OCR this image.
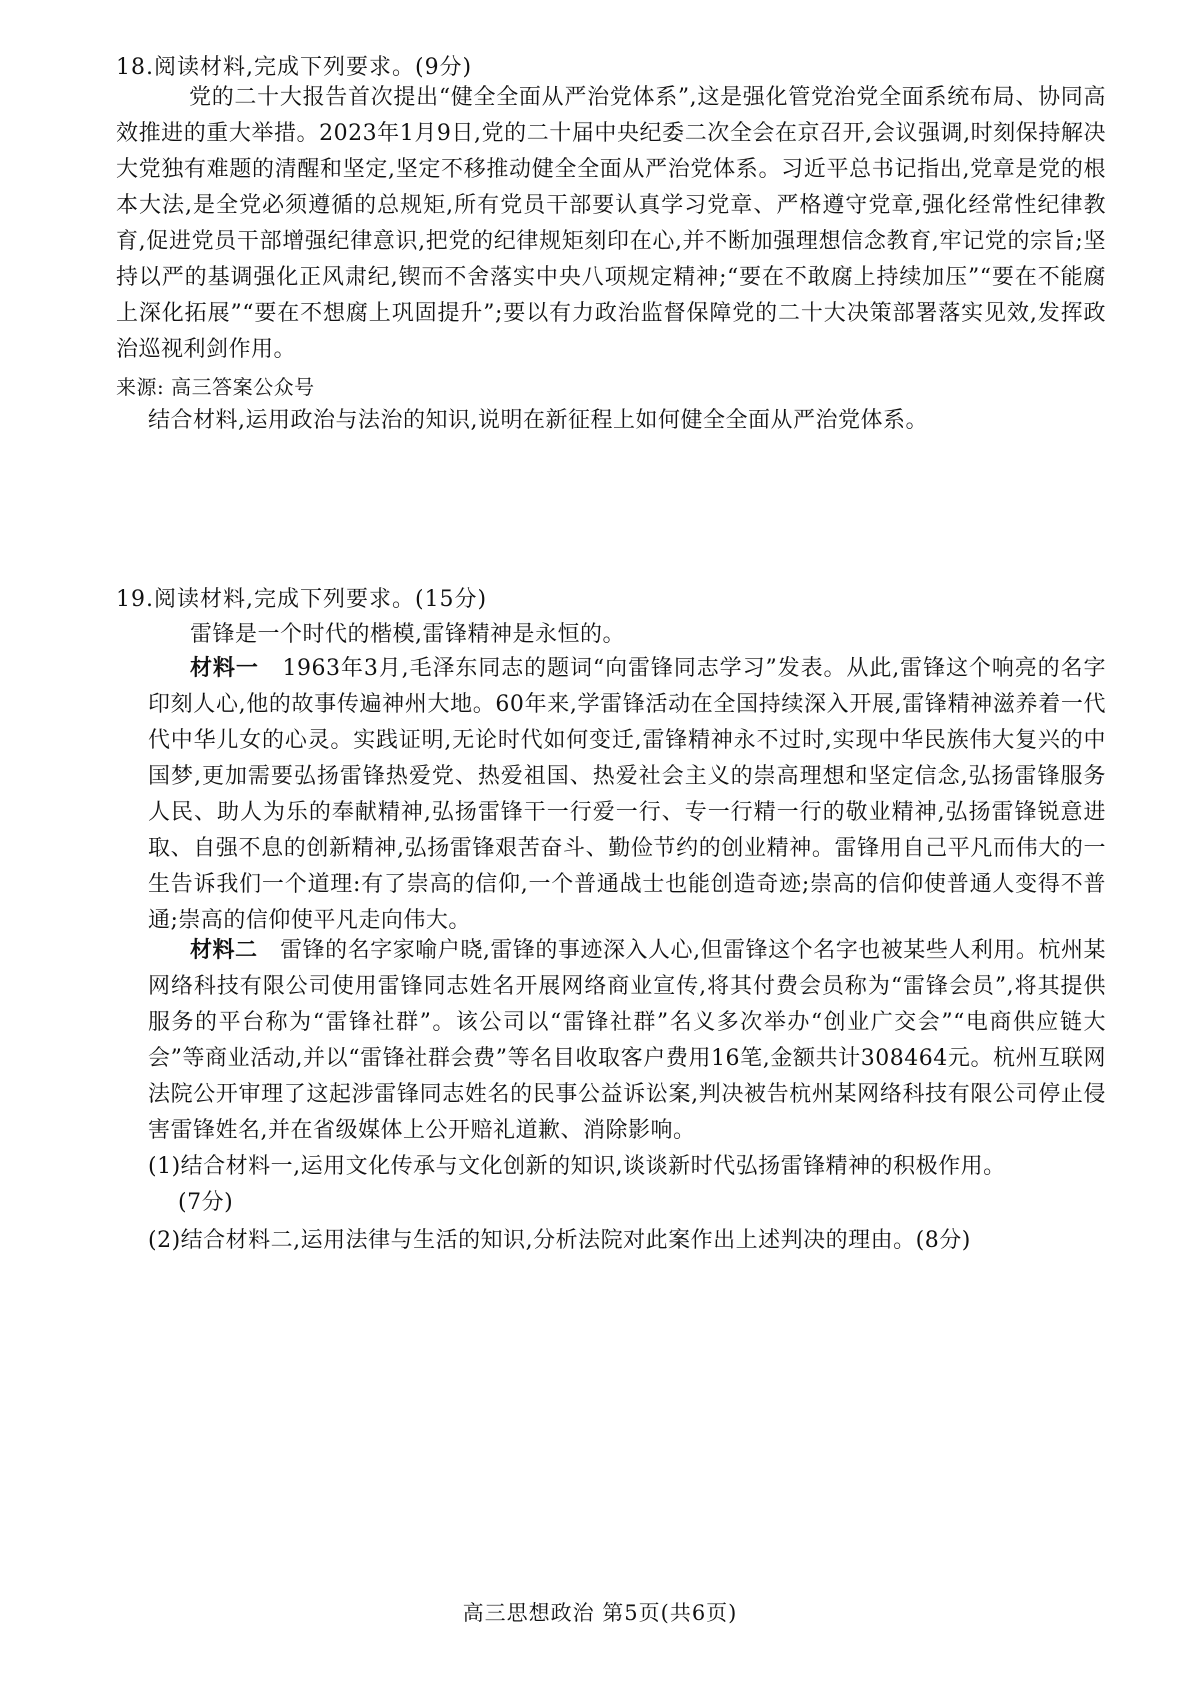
18.阅读材料,完成下列要求。(9分)
党的二十大报告首次提出“健全全面从严治党体系”,这是强化管党治党全面系统布局、协同高效推进的重大举措。2023年1月9日,党的二十届中央纪委二次全会在京召开,会议强调,时刻保持解决大党独有难题的清醒和坚定,坚定不移推动健全全面从严治党体系。习近平总书记指出,党章是党的根本大法,是全党必须遵循的总规矩,所有党员干部要认真学习党章、严格遵守党章,强化经常性纪律教育,促进党员干部增强纪律意识,把党的纪律规矩刻印在心,并不断加强理想信念教育,牢记党的宗旨;坚持以严的基调强化正风肃纪,锲而不舍落实中央八项规定精神;“要在不敢腐上持续加压”“要在不能腐上深化拓展”“要在不想腐上巩固提升”;要以有力政治监督保障党的二十大决策部署落实见效,发挥政治巡视利剑作用。
来源: 高三答案公众号
结合材料,运用政治与法治的知识,说明在新征程上如何健全全面从严治党体系。
19.阅读材料,完成下列要求。(15分)
雷锋是一个时代的楷模,雷锋精神是永恒的。
材料一 1963年3月,毛泽东同志的题词“向雷锋同志学习”发表。从此,雷锋这个响亮的名字印刻人心,他的故事传遍神州大地。60年来,学雷锋活动在全国持续深入开展,雷锋精神滋养着一代代中华儿女的心灵。实践证明,无论时代如何变迁,雷锋精神永不过时,实现中华民族伟大复兴的中国梦,更加需要弘扬雷锋热爱党、热爱祖国、热爱社会主义的崇高理想和坚定信念,弘扬雷锋服务人民、助人为乐的奉献精神,弘扬雷锋干一行爱一行、专一行精一行的敬业精神,弘扬雷锋锐意进取、自强不息的创新精神,弘扬雷锋艰苦奋斗、勤俭节约的创业精神。雷锋用自己平凡而伟大的一生告诉我们一个道理:有了崇高的信仰,一个普通战士也能创造奇迹;崇高的信仰使普通人变得不普通;崇高的信仰使平凡走向伟大。
材料二 雷锋的名字家喻户晓,雷锋的事迹深入人心,但雷锋这个名字也被某些人利用。杭州某网络科技有限公司使用雷锋同志姓名开展网络商业宣传,将其付费会员称为“雷锋会员”,将其提供服务的平台称为“雷锋社群”。该公司以“雷锋社群”名义多次举办“创业广交会”“电商供应链大会”等商业活动,并以“雷锋社群会费”等名目收取客户费用16笔,金额共计308464元。杭州互联网法院公开审理了这起涉雷锋同志姓名的民事公益诉讼案,判决被告杭州某网络科技有限公司停止侵害雷锋姓名,并在省级媒体上公开赔礼道歉、消除影响。
(1)结合材料一,运用文化传承与文化创新的知识,谈谈新时代弘扬雷锋精神的积极作用。
(7分)
(2)结合材料二,运用法律与生活的知识,分析法院对此案作出上述判决的理由。(8分)
高三思想政治 第5页(共6页)
